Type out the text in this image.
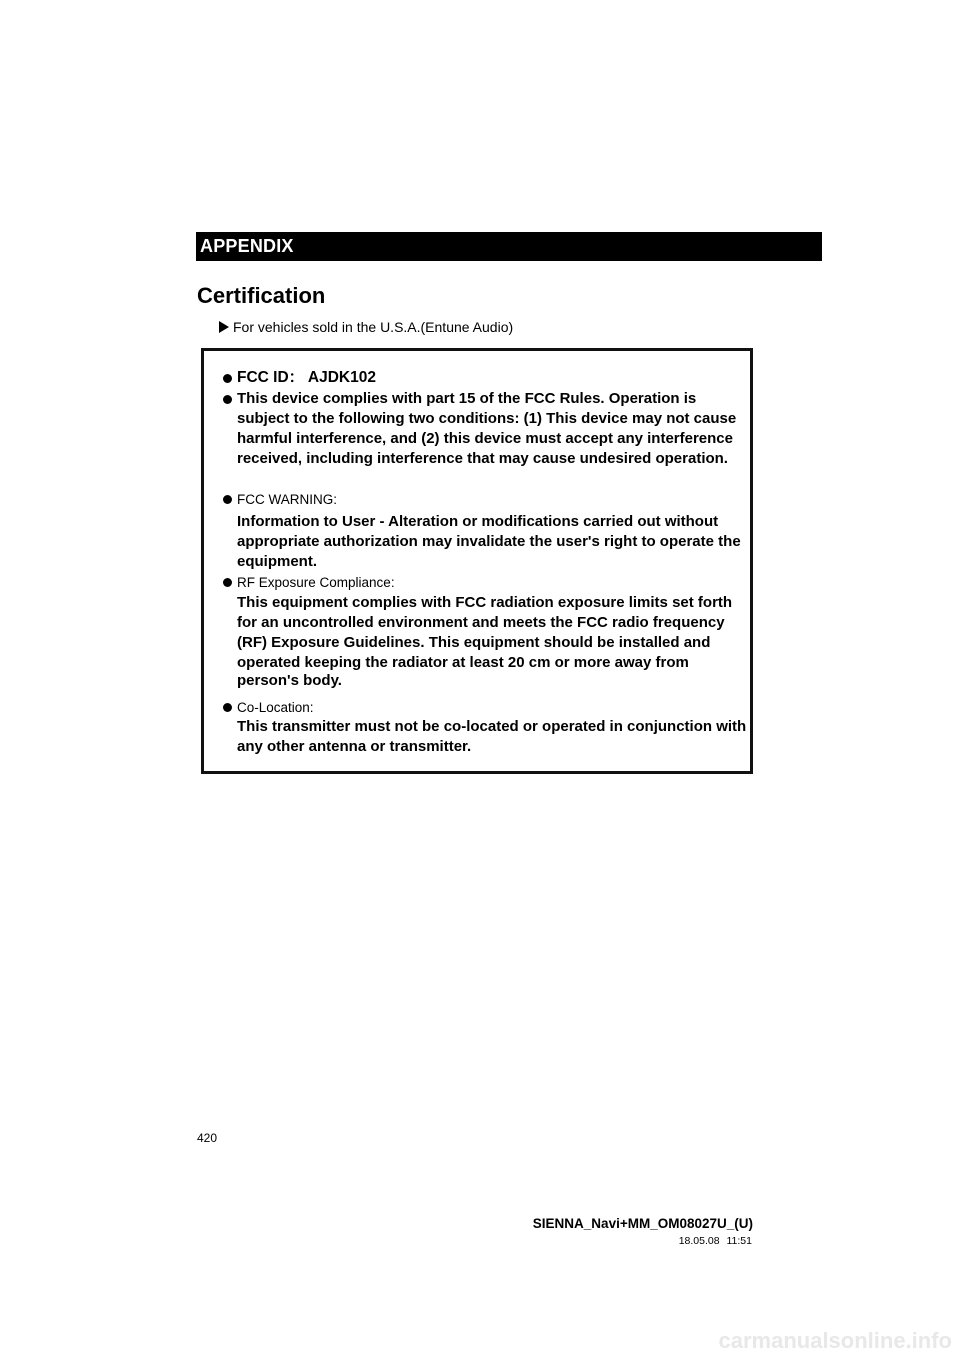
APPENDIX
Certification
For vehicles sold in the U.S.A.(Entune Audio)
FCC ID： AJDK102
This device complies with part 15 of the FCC Rules. Operation is
subject to the following two conditions: (1) This device may not cause
harmful interference, and (2) this device must accept any interference
received, including interference that may cause undesired operation.
FCC WARNING:
Information to User - Alteration or modifications carried out without
appropriate authorization may invalidate the user's right to operate the
equipment.
RF Exposure Compliance:
This equipment complies with FCC radiation exposure limits set forth
for an uncontrolled environment and meets the FCC radio frequency
(RF) Exposure Guidelines. This equipment should be installed and
operated keeping the radiator at least 20 cm or more away from
person's body.
Co-Location:
This transmitter must not be co-located or operated in conjunction with
any other antenna or transmitter.
420
SIENNA_Navi+MM_OM08027U_(U)
18.05.08 11:51
carmanualsonline.info
